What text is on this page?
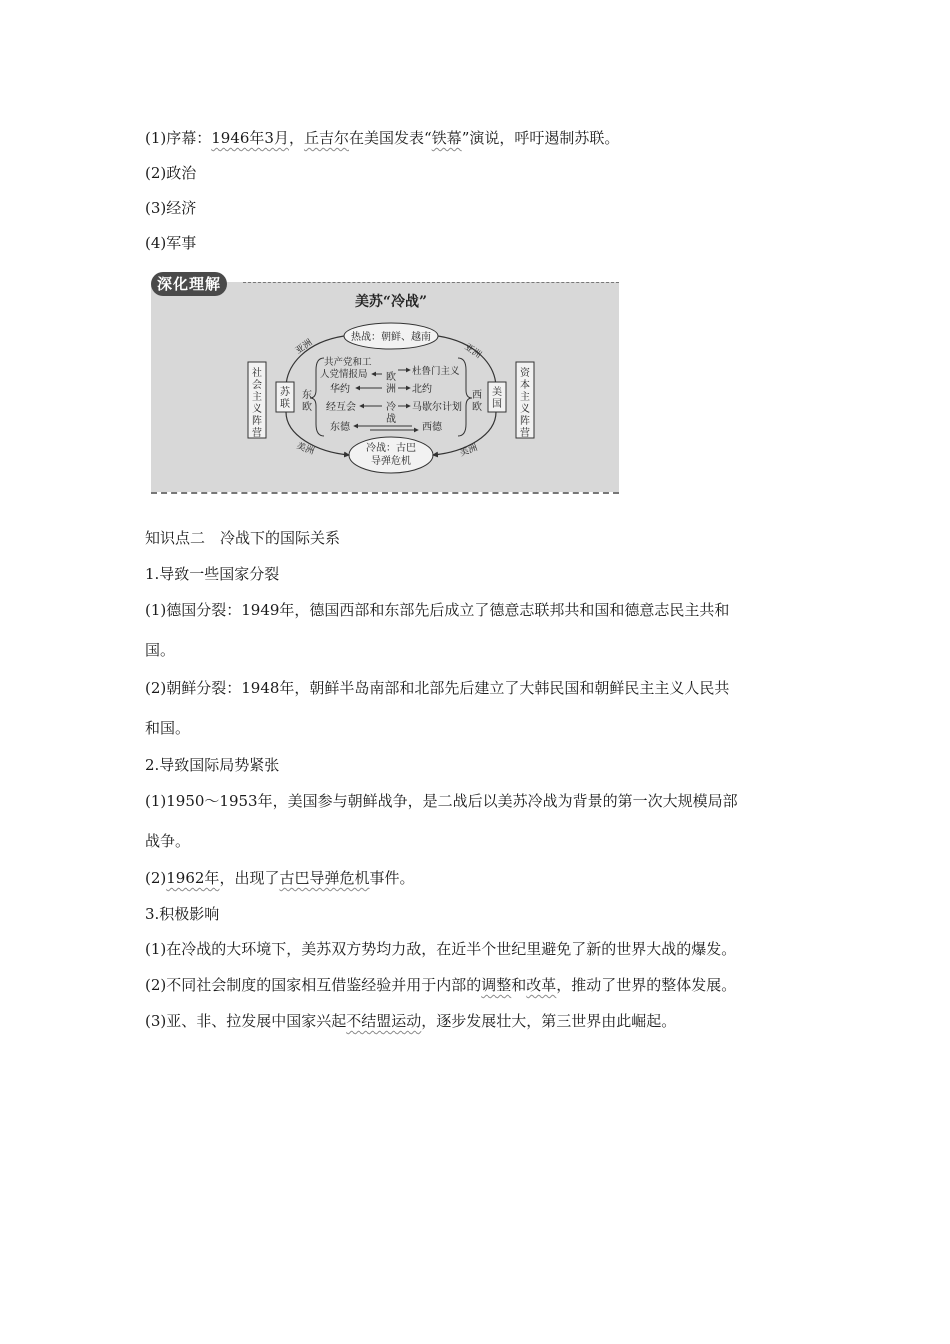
(1)序幕：1946年3月，丘吉尔在美国发表“铁幕”演说，呼吁遏制苏联。
(2)政治
(3)经济
(4)军事
深化理解
美苏“冷战”
热战：朝鲜、越南
冷战：古巴
导弹危机
亚洲	亚洲
美洲	美洲
社
会
主
义
阵
营
资
本
主
义
阵
营
苏
联
美
国
东
欧
西
欧
共产党和工
人党情报局
华约
经互会
东德
欧
洲
冷
战
杜鲁门主义
北约
马歇尔计划
西德
知识点二　冷战下的国际关系
1.导致一些国家分裂
(1)德国分裂：1949年，德国西部和东部先后成立了德意志联邦共和国和德意志民主共和
国。
(2)朝鲜分裂：1948年，朝鲜半岛南部和北部先后建立了大韩民国和朝鲜民主主义人民共
和国。
2.导致国际局势紧张
(1)1950～1953年，美国参与朝鲜战争，是二战后以美苏冷战为背景的第一次大规模局部
战争。
(2)1962年，出现了古巴导弹危机事件。
3.积极影响
(1)在冷战的大环境下，美苏双方势均力敌，在近半个世纪里避免了新的世界大战的爆发。
(2)不同社会制度的国家相互借鉴经验并用于内部的调整和改革，推动了世界的整体发展。
(3)亚、非、拉发展中国家兴起不结盟运动，逐步发展壮大，第三世界由此崛起。
